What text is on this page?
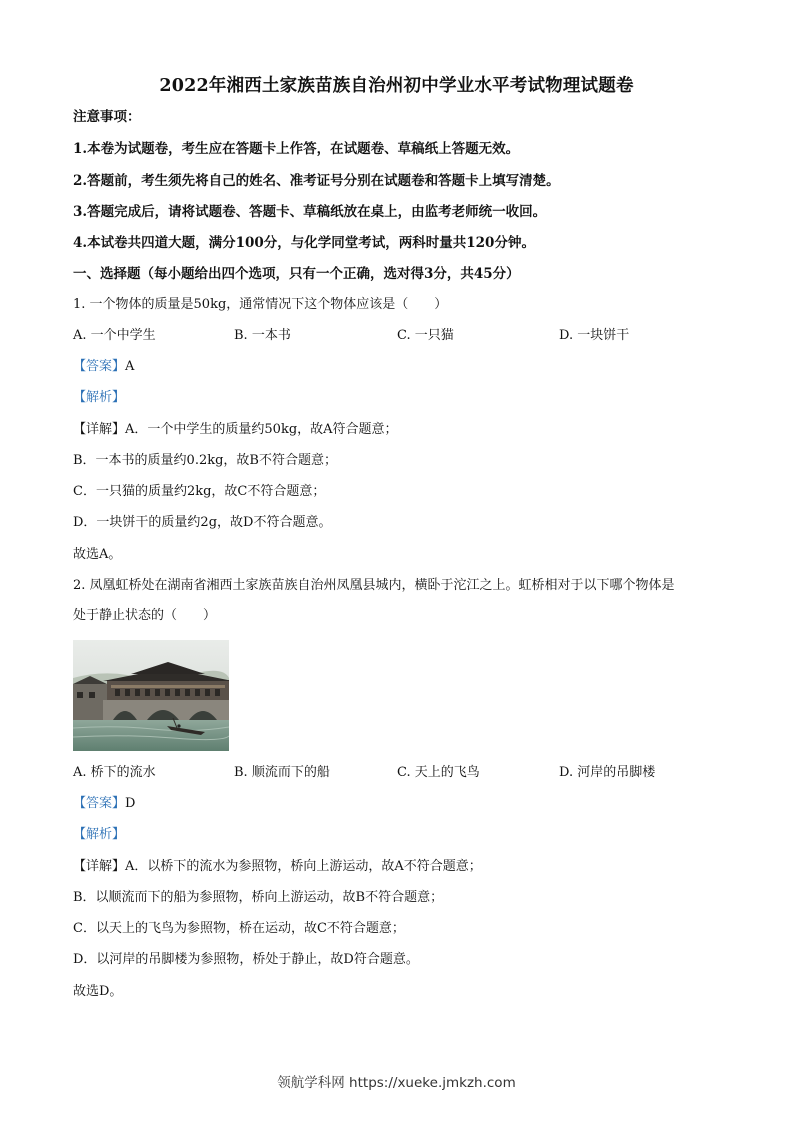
2022年湘西土家族苗族自治州初中学业水平考试物理试题卷
注意事项：
1.本卷为试题卷，考生应在答题卡上作答，在试题卷、草稿纸上答题无效。
2.答题前，考生须先将自己的姓名、准考证号分别在试题卷和答题卡上填写清楚。
3.答题完成后，请将试题卷、答题卡、草稿纸放在桌上，由监考老师统一收回。
4.本试卷共四道大题，满分100分，与化学同堂考试，两科时量共120分钟。
一、选择题（每小题给出四个选项，只有一个正确，选对得3分，共45分）
1. 一个物体的质量是50kg，通常情况下这个物体应该是（　　）
A. 一个中学生	B. 一本书	C. 一只猫	D. 一块饼干
【答案】A
【解析】
【详解】A．一个中学生的质量约50kg，故A符合题意；
B．一本书的质量约0.2kg，故B不符合题意；
C．一只猫的质量约2kg，故C不符合题意；
D．一块饼干的质量约2g，故D不符合题意。
故选A。
2. 凤凰虹桥处在湖南省湘西土家族苗族自治州凤凰县城内，横卧于沱江之上。虹桥相对于以下哪个物体是
处于静止状态的（　　）
A. 桥下的流水	B. 顺流而下的船	C. 天上的飞鸟	D. 河岸的吊脚楼
【答案】D
【解析】
【详解】A．以桥下的流水为参照物，桥向上游运动，故A不符合题意；
B．以顺流而下的船为参照物，桥向上游运动，故B不符合题意；
C．以天上的飞鸟为参照物，桥在运动，故C不符合题意；
D．以河岸的吊脚楼为参照物，桥处于静止，故D符合题意。
故选D。
领航学科网 https://xueke.jmkzh.com
